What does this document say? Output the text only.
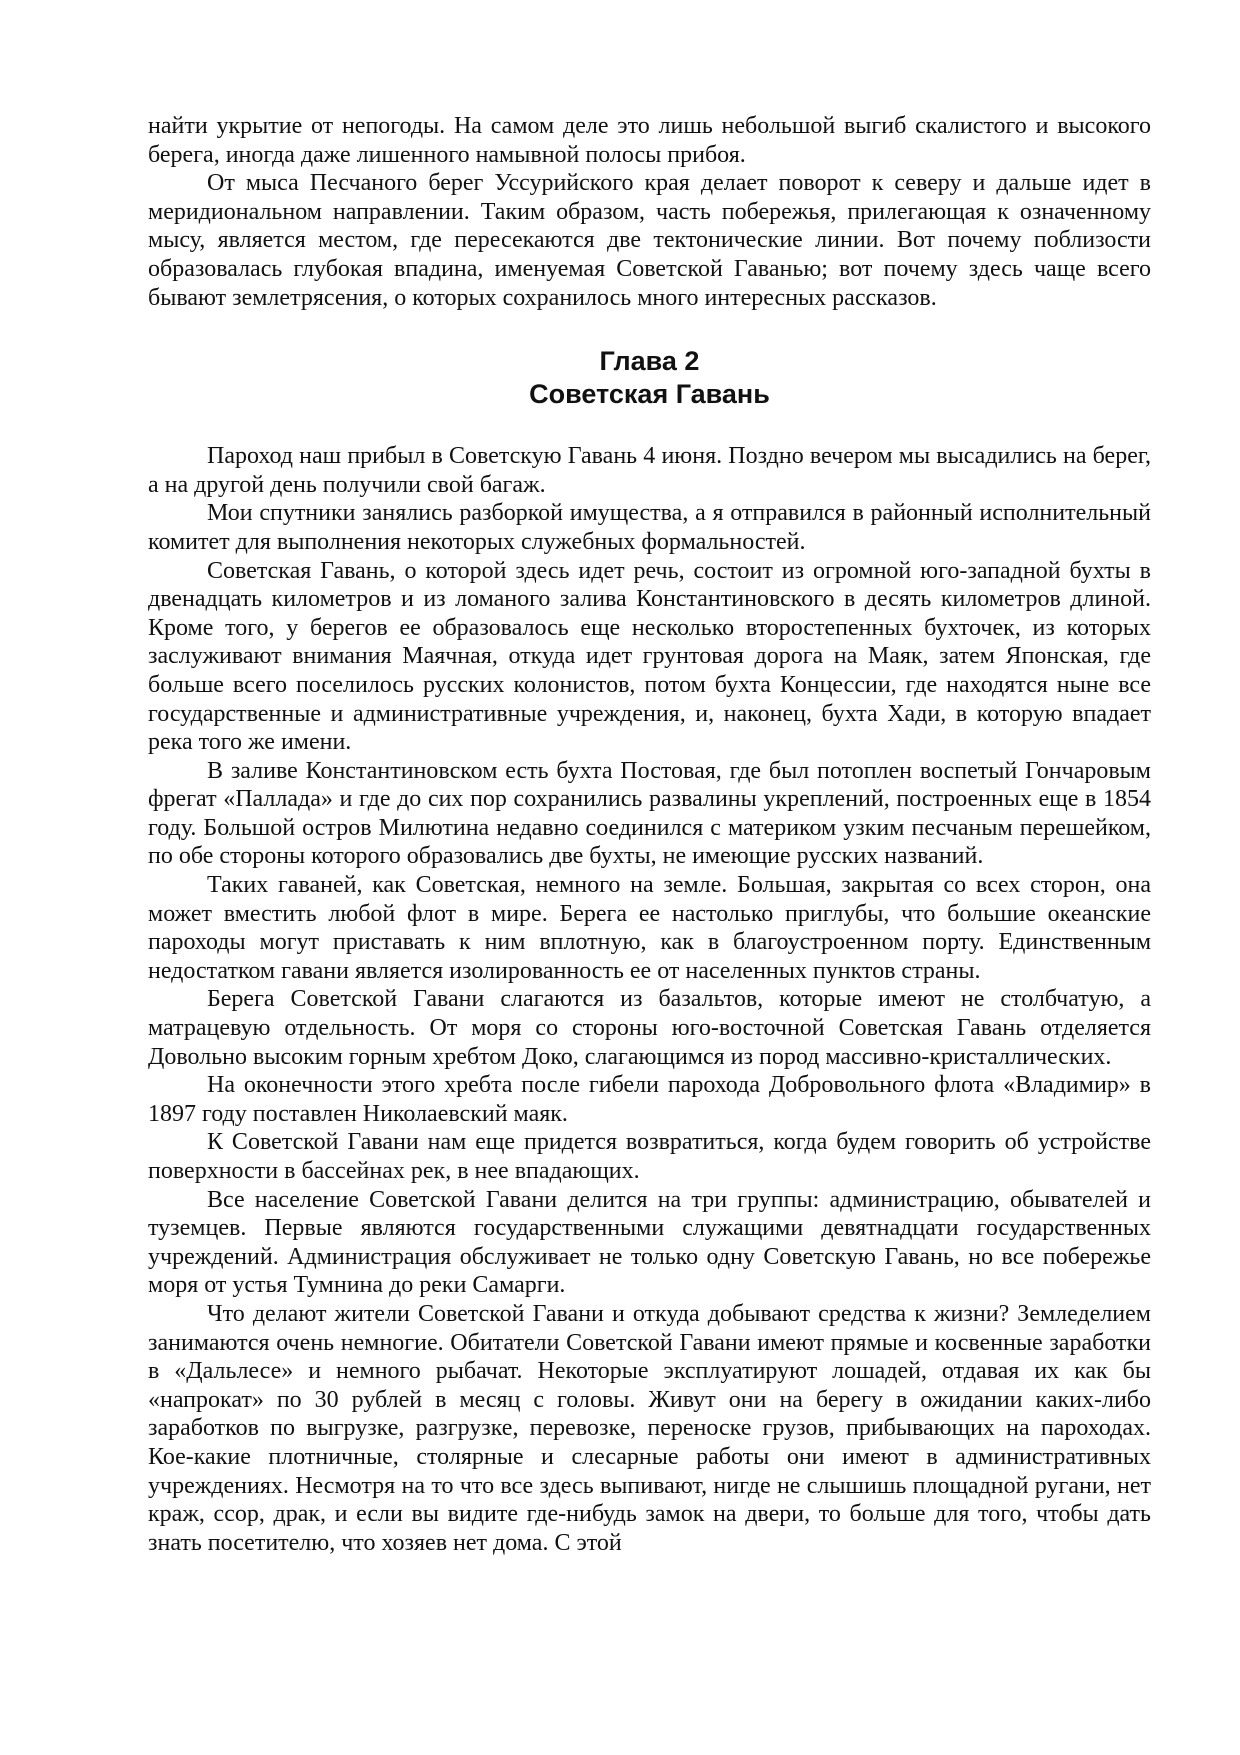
найти укрытие от непогоды. На самом деле это лишь небольшой выгиб скалистого и высокого берега, иногда даже лишенного намывной полосы прибоя.

От мыса Песчаного берег Уссурийского края делает поворот к северу и дальше идет в меридиональном направлении. Таким образом, часть побережья, прилегающая к означенному мысу, является местом, где пересекаются две тектонические линии. Вот почему поблизости образовалась глубокая впадина, именуемая Советской Гаванью; вот почему здесь чаще всего бывают землетрясения, о которых сохранилось много интересных рассказов.

Глава 2
Советская Гавань

Пароход наш прибыл в Советскую Гавань 4 июня. Поздно вечером мы высадились на берег, а на другой день получили свой багаж.

Мои спутники занялись разборкой имущества, а я отправился в районный исполнительный комитет для выполнения некоторых служебных формальностей.

Советская Гавань, о которой здесь идет речь, состоит из огромной юго-западной бухты в двенадцать километров и из ломаного залива Константиновского в десять километров длиной. Кроме того, у берегов ее образовалось еще несколько второстепенных бухточек, из которых заслуживают внимания Маячная, откуда идет грунтовая дорога на Маяк, затем Японская, где больше всего поселилось русских колонистов, потом бухта Концессии, где находятся ныне все государственные и административные учреждения, и, наконец, бухта Хади, в которую впадает река того же имени.

В заливе Константиновском есть бухта Постовая, где был потоплен воспетый Гончаровым фрегат «Паллада» и где до сих пор сохранились развалины укреплений, построенных еще в 1854 году. Большой остров Милютина недавно соединился с материком узким песчаным перешейком, по обе стороны которого образовались две бухты, не имеющие русских названий.

Таких гаваней, как Советская, немного на земле. Большая, закрытая со всех сторон, она может вместить любой флот в мире. Берега ее настолько приглубы, что большие океанские пароходы могут приставать к ним вплотную, как в благоустроенном порту. Единственным недостатком гавани является изолированность ее от населенных пунктов страны.

Берега Советской Гавани слагаются из базальтов, которые имеют не столбчатую, а матрацевую отдельность. От моря со стороны юго-восточной Советская Гавань отделяется Довольно высоким горным хребтом Доко, слагающимся из пород массивно-кристаллических.

На оконечности этого хребта после гибели парохода Добровольного флота «Владимир» в 1897 году поставлен Николаевский маяк.

К Советской Гавани нам еще придется возвратиться, когда будем говорить об устройстве поверхности в бассейнах рек, в нее впадающих.

Все население Советской Гавани делится на три группы: администрацию, обывателей и туземцев. Первые являются государственными служащими девятнадцати государственных учреждений. Администрация обслуживает не только одну Советскую Гавань, но все побережье моря от устья Тумнина до реки Самарги.

Что делают жители Советской Гавани и откуда добывают средства к жизни? Земледелием занимаются очень немногие. Обитатели Советской Гавани имеют прямые и косвенные заработки в «Дальлесе» и немного рыбачат. Некоторые эксплуатируют лошадей, отдавая их как бы «напрокат» по 30 рублей в месяц с головы. Живут они на берегу в ожидании каких-либо заработков по выгрузке, разгрузке, перевозке, переноске грузов, прибывающих на пароходах. Кое-какие плотничные, столярные и слесарные работы они имеют в административных учреждениях. Несмотря на то что все здесь выпивают, нигде не слышишь площадной ругани, нет краж, ссор, драк, и если вы видите где-нибудь замок на двери, то больше для того, чтобы дать знать посетителю, что хозяев нет дома. С этой
